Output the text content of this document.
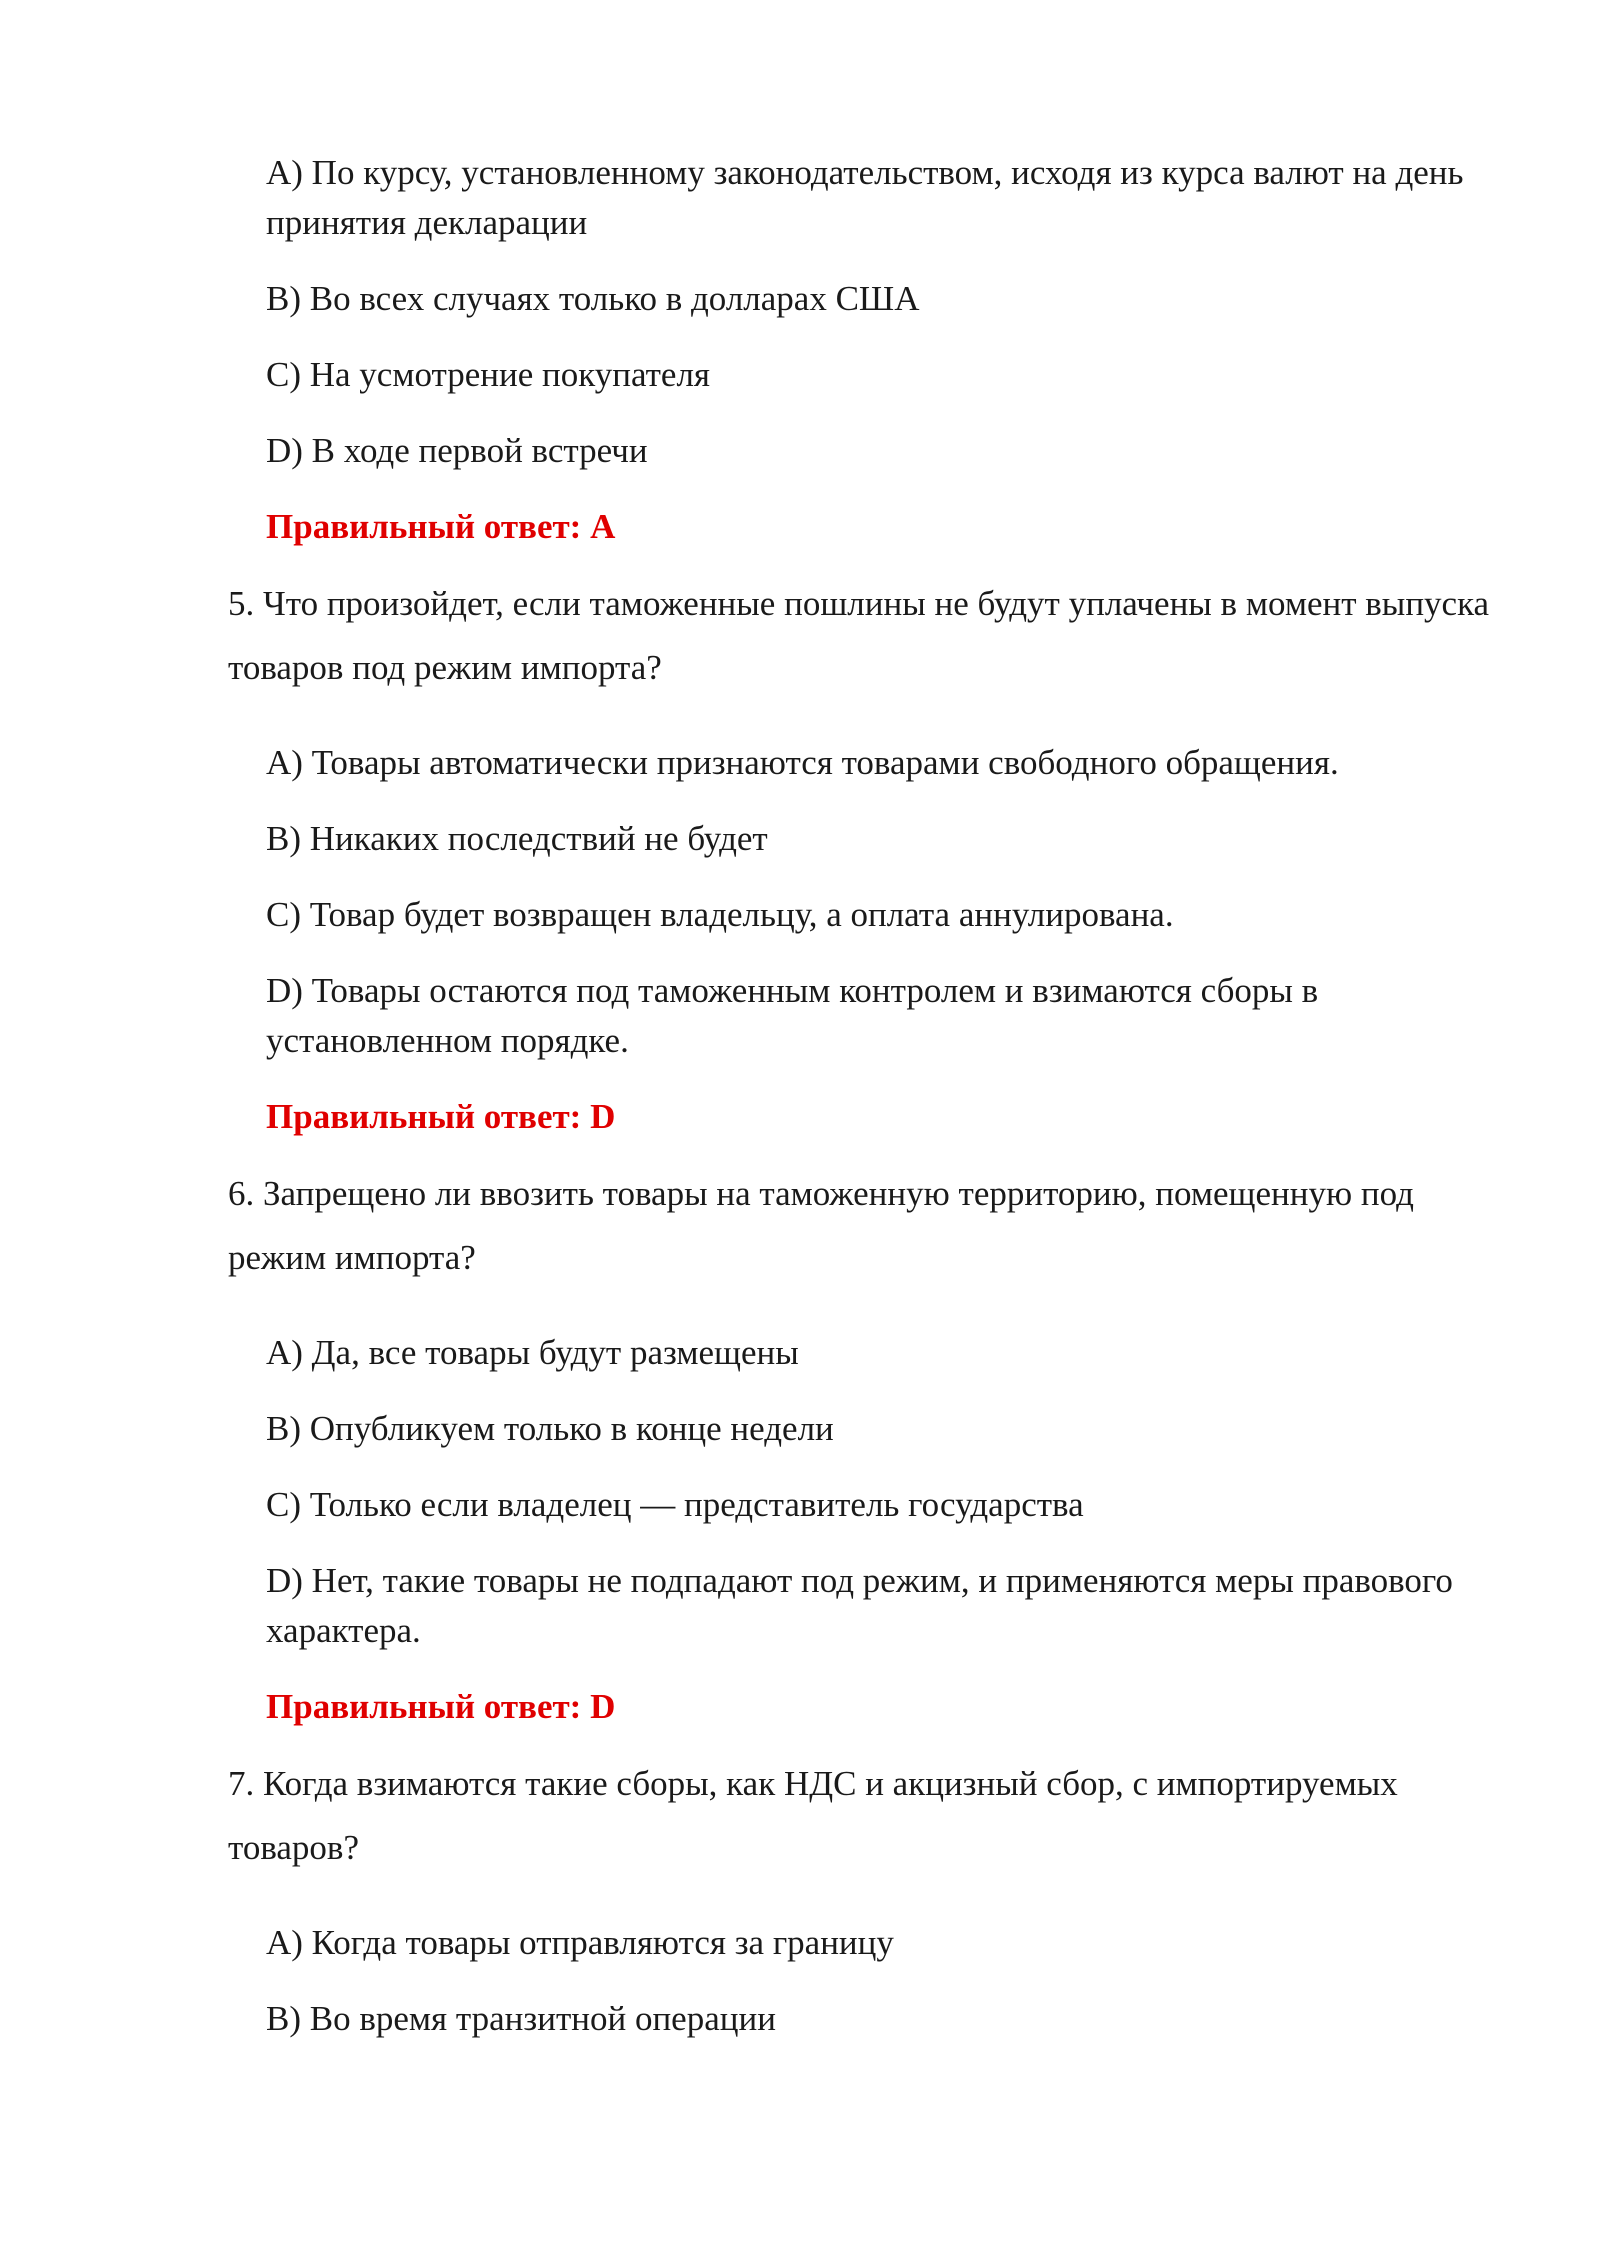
A) По курсу, установленному законодательством, исходя из курса валют на день принятия декларации
B) Во всех случаях только в долларах США
C) На усмотрение покупателя
D) В ходе первой встречи
Правильный ответ: A
5. Что произойдет, если таможенные пошлины не будут уплачены в момент выпуска товаров под режим импорта?
A) Товары автоматически признаются товарами свободного обращения.
B) Никаких последствий не будет
C) Товар будет возвращен владельцу, а оплата аннулирована.
D) Товары остаются под таможенным контролем и взимаются сборы в установленном порядке.
Правильный ответ: D
6. Запрещено ли ввозить товары на таможенную территорию, помещенную под режим импорта?
A) Да, все товары будут размещены
B) Опубликуем только в конце недели
C) Только если владелец — представитель государства
D) Нет, такие товары не подпадают под режим, и применяются меры правового характера.
Правильный ответ: D
7. Когда взимаются такие сборы, как НДС и акцизный сбор, с импортируемых товаров?
A) Когда товары отправляются за границу
B) Во время транзитной операции
